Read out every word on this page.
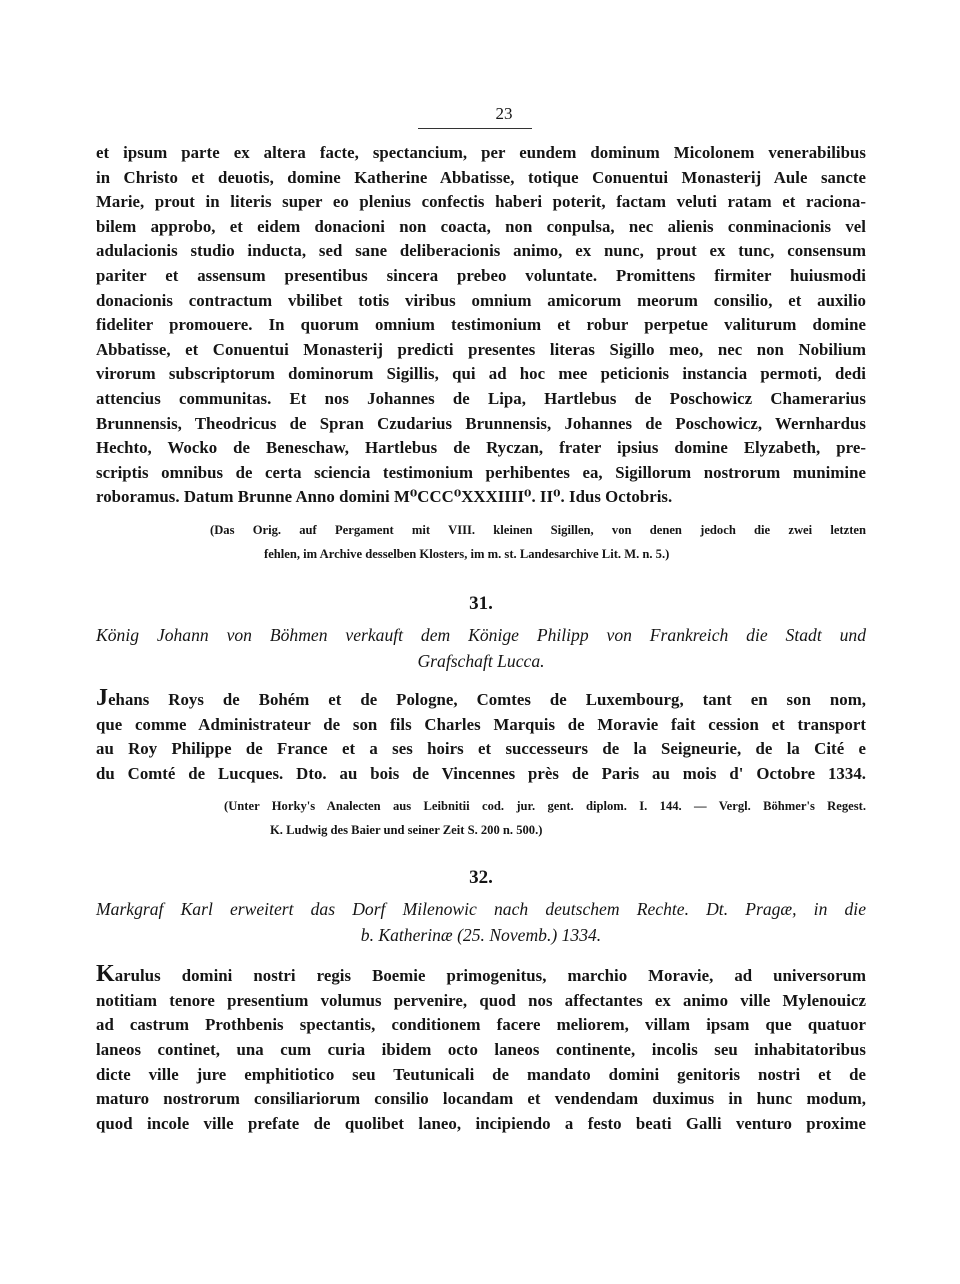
23
et ipsum parte ex altera facte, spectancium, per eundem dominum Micolonem venerabilibus
in Christo et deuotis, domine Katherine Abbatisse, totique Conuentui Monasterij Aule sancte
Marie, prout in literis super eo plenius confectis haberi poterit, factam veluti ratam et raciona-
bilem approbo, et eidem donacioni non coacta, non conpulsa, nec alienis conminacionis vel
adulacionis studio inducta, sed sane deliberacionis animo, ex nunc, prout ex tunc, consensum
pariter et assensum presentibus sincera prebeo voluntate. Promittens firmiter huiusmodi
donacionis contractum vbilibet totis viribus omnium amicorum meorum consilio, et auxilio
fideliter promouere. In quorum omnium testimonium et robur perpetue valiturum domine
Abbatisse, et Conuentui Monasterij predicti presentes literas Sigillo meo, nec non Nobilium
virorum subscriptorum dominorum Sigillis, qui ad hoc mee peticionis instancia permoti, dedi
attencius communitas. Et nos Johannes de Lipa, Hartlebus de Poschowicz Chamerarius
Brunnensis, Theodricus de Spran Czudarius Brunnensis, Johannes de Poschowicz, Wernhardus
Hechto, Wocko de Beneschaw, Hartlebus de Ryczan, frater ipsius domine Elyzabeth, pre-
scriptis omnibus de certa sciencia testimonium perhibentes ea, Sigillorum nostrorum munimine
roboramus. Datum Brunne Anno domini M⁰CCC⁰XXXIIII⁰. II⁰. Idus Octobris.
(Das Orig. auf Pergament mit VIII. kleinen Sigillen, von denen jedoch die zwei letzten
fehlen, im Archive desselben Klosters, im m. st. Landesarchive Lit. M. n. 5.)
31.
König Johann von Böhmen verkauft dem Könige Philipp von Frankreich die Stadt und
Grafschaft Lucca.
Jehans Roys de Bohém et de Pologne, Comtes de Luxembourg, tant en son nom,
que comme Administrateur de son fils Charles Marquis de Moravie fait cession et transport
au Roy Philippe de France et a ses hoirs et successeurs de la Seigneurie, de la Cité e
du Comté de Lucques. Dto. au bois de Vincennes près de Paris au mois d' Octobre 1334.
(Unter Horky's Analecten aus Leibnitii cod. jur. gent. diplom. I. 144. — Vergl. Böhmer's Regest.
K. Ludwig des Baier und seiner Zeit S. 200 n. 500.)
32.
Markgraf Karl erweitert das Dorf Milenowic nach deutschem Rechte. Dt. Pragæ, in die
b. Katherinæ (25. Novemb.) 1334.
Karulus domini nostri regis Boemie primogenitus, marchio Moravie, ad universorum
notitiam tenore presentium volumus pervenire, quod nos affectantes ex animo ville Mylenouicz
ad castrum Prothbenis spectantis, conditionem facere meliorem, villam ipsam que quatuor
laneos continet, una cum curia ibidem octo laneos continente, incolis seu inhabitatoribus
dicte ville jure emphitiotico seu Teutunicali de mandato domini genitoris nostri et de
maturo nostrorum consiliariorum consilio locandam et vendendam duximus in hunc modum,
quod incole ville prefate de quolibet laneo, incipiendo a festo beati Galli venturo proxime
